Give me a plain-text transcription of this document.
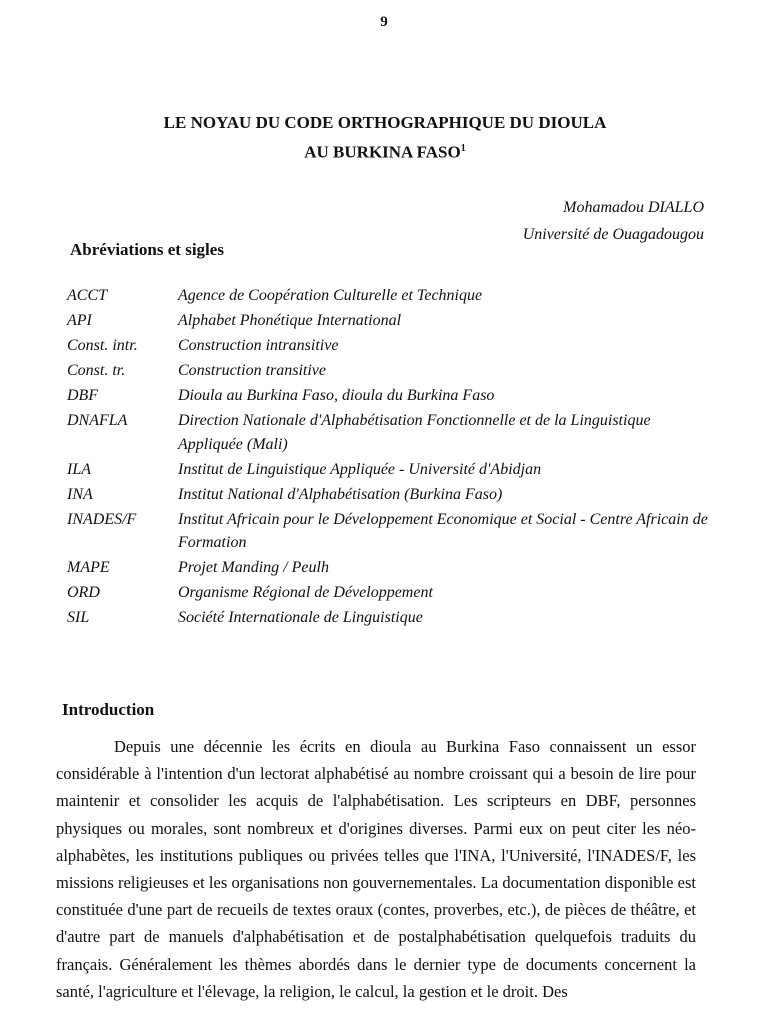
9
LE NOYAU DU CODE ORTHOGRAPHIQUE DU DIOULA
AU BURKINA FASO$^1$
Mohamadou DIALLO
Université de Ouagadougou
Abréviations et sigles
ACCT	Agence de Coopération Culturelle et Technique
API	Alphabet Phonétique International
Const. intr.	Construction intransitive
Const. tr.	Construction transitive
DBF	Dioula au Burkina Faso, dioula du Burkina Faso
DNAFLA	Direction Nationale d'Alphabétisation Fonctionnelle et de la Linguistique Appliquée (Mali)
ILA	Institut de Linguistique Appliquée - Université d'Abidjan
INA	Institut National d'Alphabétisation (Burkina Faso)
INADES/F	Institut Africain pour le Développement Economique et Social - Centre Africain de Formation
MAPE	Projet Manding / Peulh
ORD	Organisme Régional de Développement
SIL	Société Internationale de Linguistique
Introduction

Depuis une décennie les écrits en dioula au Burkina Faso connaissent un essor considérable à l'intention d'un lectorat alphabétisé au nombre croissant qui a besoin de lire pour maintenir et consolider les acquis de l'alphabétisation. Les scripteurs en DBF, personnes physiques ou morales, sont nombreux et d'origines diverses. Parmi eux on peut citer les néo-alphabètes, les institutions publiques ou privées telles que l'INA, l'Université, l'INADES/F, les missions religieuses et les organisations non gouvernementales. La documentation disponible est constituée d'une part de recueils de textes oraux (contes, proverbes, etc.), de pièces de théâtre, et d'autre part de manuels d'alphabétisation et de postalphabétisation quelquefois traduits du français. Généralement les thèmes abordés dans le dernier type de documents concernent la santé, l'agriculture et l'élevage, la religion, le calcul, la gestion et le droit. Des
